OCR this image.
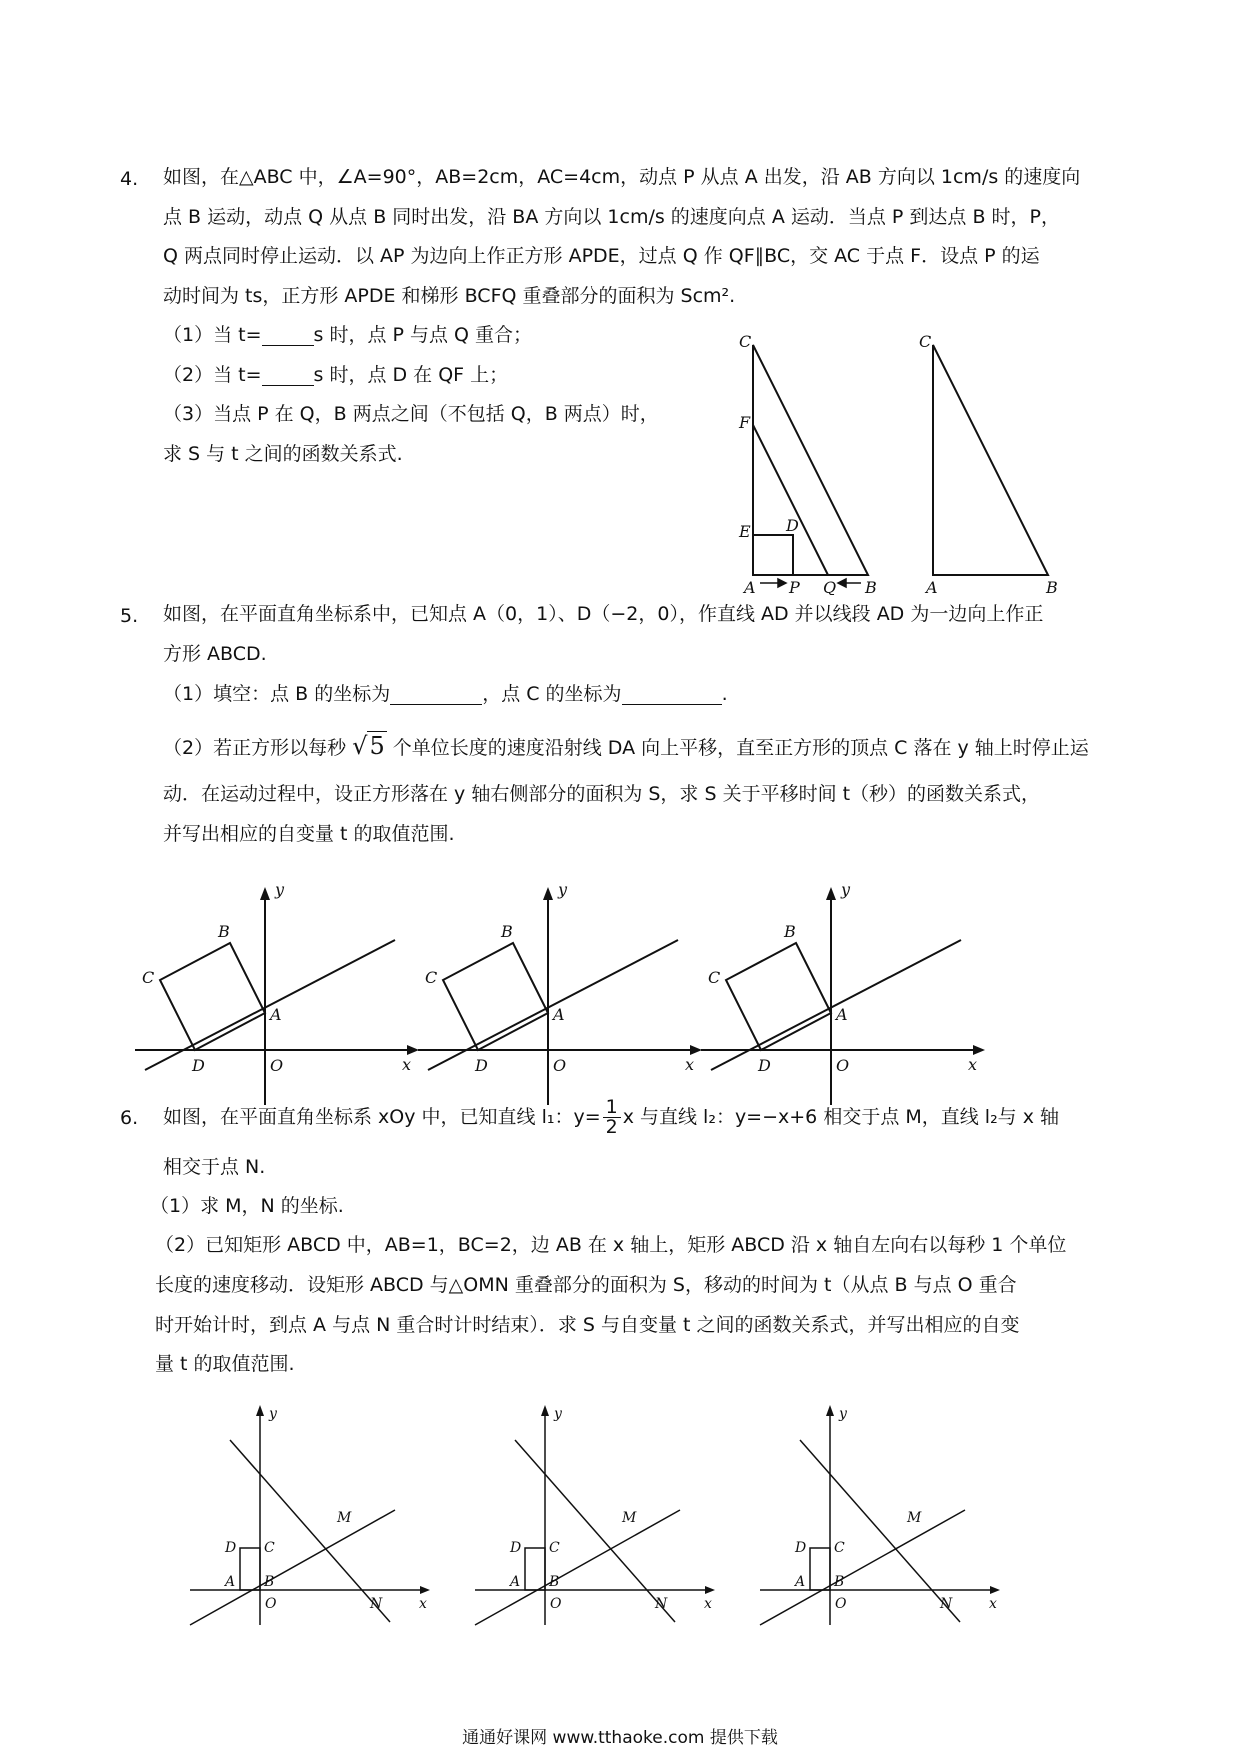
4. 如图，在△ABC 中，∠A=90°，AB=2cm，AC=4cm，动点 P 从点 A 出发，沿 AB 方向以 1cm/s 的速度向
点 B 运动，动点 Q 从点 B 同时出发，沿 BA 方向以 1cm/s 的速度向点 A 运动．当点 P 到达点 B 时，P，
Q 两点同时停止运动．以 AP 为边向上作正方形 APDE，过点 Q 作 QF∥BC，交 AC 于点 F．设点 P 的运
动时间为 ts，正方形 APDE 和梯形 BCFQ 重叠部分的面积为 Scm².
（1）当 t=	s 时，点 P 与点 Q 重合；
（2）当 t=	s 时，点 D 在 QF 上；
（3）当点 P 在 Q，B 两点之间（不包括 Q，B 两点）时，
求 S 与 t 之间的函数关系式.
C
F
E D
A P Q B
C
A	B
5. 如图，在平面直角坐标系中，已知点 A（0，1）、D（−2，0），作直线 AD 并以线段 AD 为一边向上作正
方形 ABCD.
（1）填空：点 B 的坐标为	，点 C 的坐标为	.
（2）若正方形以每秒 √5 个单位长度的速度沿射线 DA 向上平移，直至正方形的顶点 C 落在 y 轴上时停止运
动．在运动过程中，设正方形落在 y 轴右侧部分的面积为 S，求 S 关于平移时间 t（秒）的函数关系式，
并写出相应的自变量 t 的取值范围.
y
x
B
C
A
D	O
y
x
B
C
A
D	O
y
x
B
C
A
D	O
6. 如图，在平面直角坐标系 xOy 中，已知直线 l₁：$y= \frac{1}{2}$ x 与直线 l₂：y=−x+6 相交于点 M，直线 l₂与 x 轴
相交于点 N.
（1）求 M，N 的坐标.
（2）已知矩形 ABCD 中，AB=1，BC=2，边 AB 在 x 轴上，矩形 ABCD 沿 x 轴自左向右以每秒 1 个单位
长度的速度移动．设矩形 ABCD 与△OMN 重叠部分的面积为 S，移动的时间为 t（从点 B 与点 O 重合
时开始计时，到点 A 与点 N 重合时计时结束）．求 S 与自变量 t 之间的函数关系式，并写出相应的自变
量 t 的取值范围.
y
x
D C
A B
O
M
N
y
x
D C
A B
O
M
N
y
x
D C
A B
O
M
N
通通好课网 www.tthaoke.com 提供下载
